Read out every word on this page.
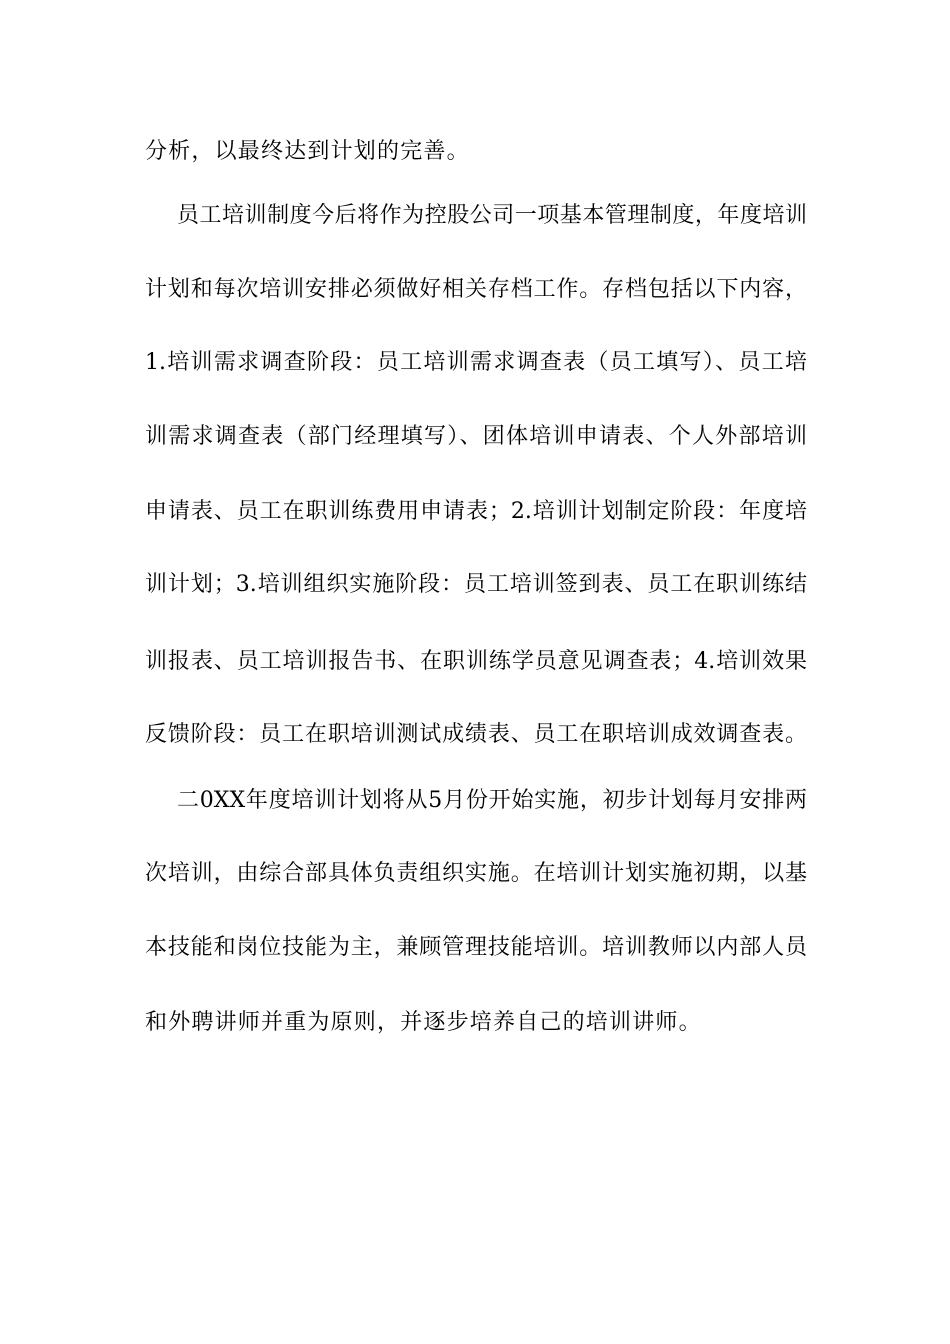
分析，以最终达到计划的完善。
员工培训制度今后将作为控股公司一项基本管理制度，年度培训
计划和每次培训安排必须做好相关存档工作。存档包括以下内容，
1.培训需求调查阶段：员工培训需求调查表（员工填写）、员工培
训需求调查表（部门经理填写）、团体培训申请表、个人外部培训
申请表、员工在职训练费用申请表；2.培训计划制定阶段：年度培
训计划；3.培训组织实施阶段：员工培训签到表、员工在职训练结
训报表、员工培训报告书、在职训练学员意见调查表；4.培训效果
反馈阶段：员工在职培训测试成绩表、员工在职培训成效调查表。
二0XX年度培训计划将从5月份开始实施，初步计划每月安排两
次培训，由综合部具体负责组织实施。在培训计划实施初期，以基
本技能和岗位技能为主，兼顾管理技能培训。培训教师以内部人员
和外聘讲师并重为原则，并逐步培养自己的培训讲师。
